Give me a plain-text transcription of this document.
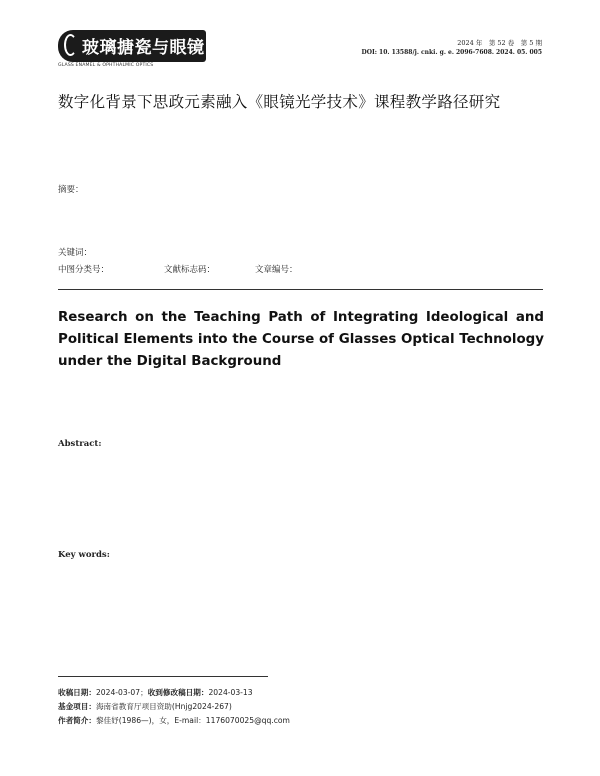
玻璃搪瓷与眼镜
GLASS ENAMEL & OPHTHALMIC OPTICS
2024 年　第 52 卷　第 5 期
DOI: 10. 13588/j. cnki. g. e. 2096-7608. 2024. 05. 005
数字化背景下思政元素融入《眼镜光学技术》课程教学路径研究
摘要：
关键词：
中图分类号：	文献标志码：	文章编号：
Research on the Teaching Path of Integrating Ideological and Political Elements into the Course of Glasses Optical Technology under the Digital Background
Abstract:
Key words:
收稿日期：2024-03-07；收到修改稿日期：2024-03-13
基金项目：海南省教育厅项目资助(Hnjg2024-267)
作者简介：黎佳妤(1986—)，女，E-mail：1176070025@qq.com
